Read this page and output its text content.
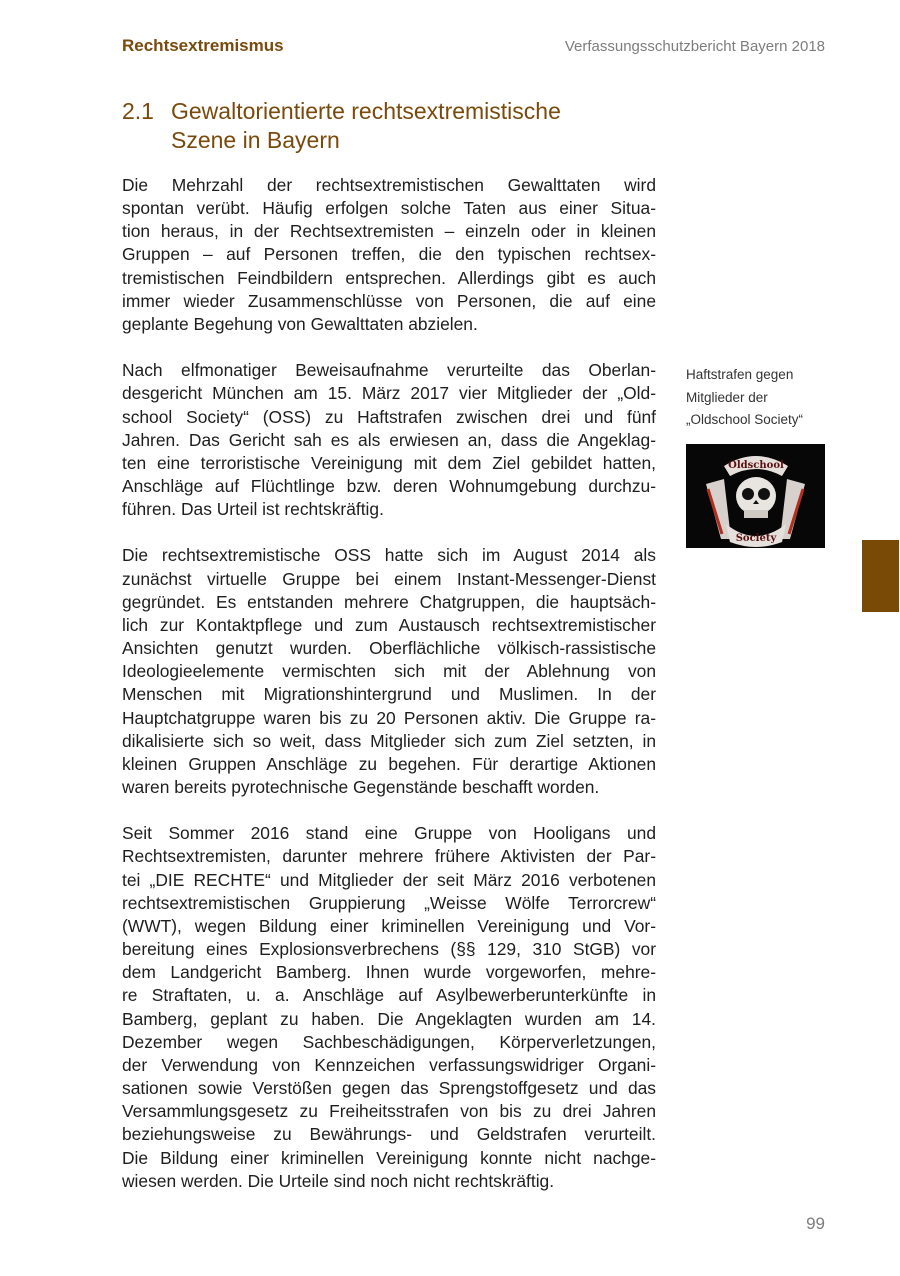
Rechtsextremismus	Verfassungsschutzbericht Bayern 2018
2.1 Gewaltorientierte rechtsextremistische
Szene in Bayern
Die Mehrzahl der rechtsextremistischen Gewalttaten wird
spontan verübt. Häufig erfolgen solche Taten aus einer Situa-
tion heraus, in der Rechtsextremisten – einzeln oder in kleinen
Gruppen – auf Personen treffen, die den typischen rechtsex-
tremistischen Feindbildern entsprechen. Allerdings gibt es auch
immer wieder Zusammenschlüsse von Personen, die auf eine
geplante Begehung von Gewalttaten abzielen.
Nach elfmonatiger Beweisaufnahme verurteilte das Oberlan-
desgericht München am 15. März 2017 vier Mitglieder der „Old-
school Society“ (OSS) zu Haftstrafen zwischen drei und fünf
Jahren. Das Gericht sah es als erwiesen an, dass die Angeklag-
ten eine terroristische Vereinigung mit dem Ziel gebildet hatten,
Anschläge auf Flüchtlinge bzw. deren Wohnumgebung durchzu-
führen. Das Urteil ist rechtskräftig.
Die rechtsextremistische OSS hatte sich im August 2014 als
zunächst virtuelle Gruppe bei einem Instant-Messenger-Dienst
gegründet. Es entstanden mehrere Chatgruppen, die hauptsäch-
lich zur Kontaktpflege und zum Austausch rechtsextremistischer
Ansichten genutzt wurden. Oberflächliche völkisch-rassistische
Ideologieelemente vermischten sich mit der Ablehnung von
Menschen mit Migrationshintergrund und Muslimen. In der
Hauptchatgruppe waren bis zu 20 Personen aktiv. Die Gruppe ra-
dikalisierte sich so weit, dass Mitglieder sich zum Ziel setzten, in
kleinen Gruppen Anschläge zu begehen. Für derartige Aktionen
waren bereits pyrotechnische Gegenstände beschafft worden.
Seit Sommer 2016 stand eine Gruppe von Hooligans und
Rechtsextremisten, darunter mehrere frühere Aktivisten der Par-
tei „DIE RECHTE“ und Mitglieder der seit März 2016 verbotenen
rechtsextremistischen Gruppierung „Weisse Wölfe Terrorcrew“
(WWT), wegen Bildung einer kriminellen Vereinigung und Vor-
bereitung eines Explosionsverbrechens (§§ 129, 310 StGB) vor
dem Landgericht Bamberg. Ihnen wurde vorgeworfen, mehre-
re Straftaten, u. a. Anschläge auf Asylbewerberunterkünfte in
Bamberg, geplant zu haben. Die Angeklagten wurden am 14.
Dezember wegen Sachbeschädigungen, Körperverletzungen,
der Verwendung von Kennzeichen verfassungswidriger Organi-
sationen sowie Verstößen gegen das Sprengstoffgesetz und das
Versammlungsgesetz zu Freiheitsstrafen von bis zu drei Jahren
beziehungsweise zu Bewährungs- und Geldstrafen verurteilt.
Die Bildung einer kriminellen Vereinigung konnte nicht nachge-
wiesen werden. Die Urteile sind noch nicht rechtskräftig.
Haftstrafen gegen
Mitglieder der
„Oldschool Society“
Oldschool
Society
99
